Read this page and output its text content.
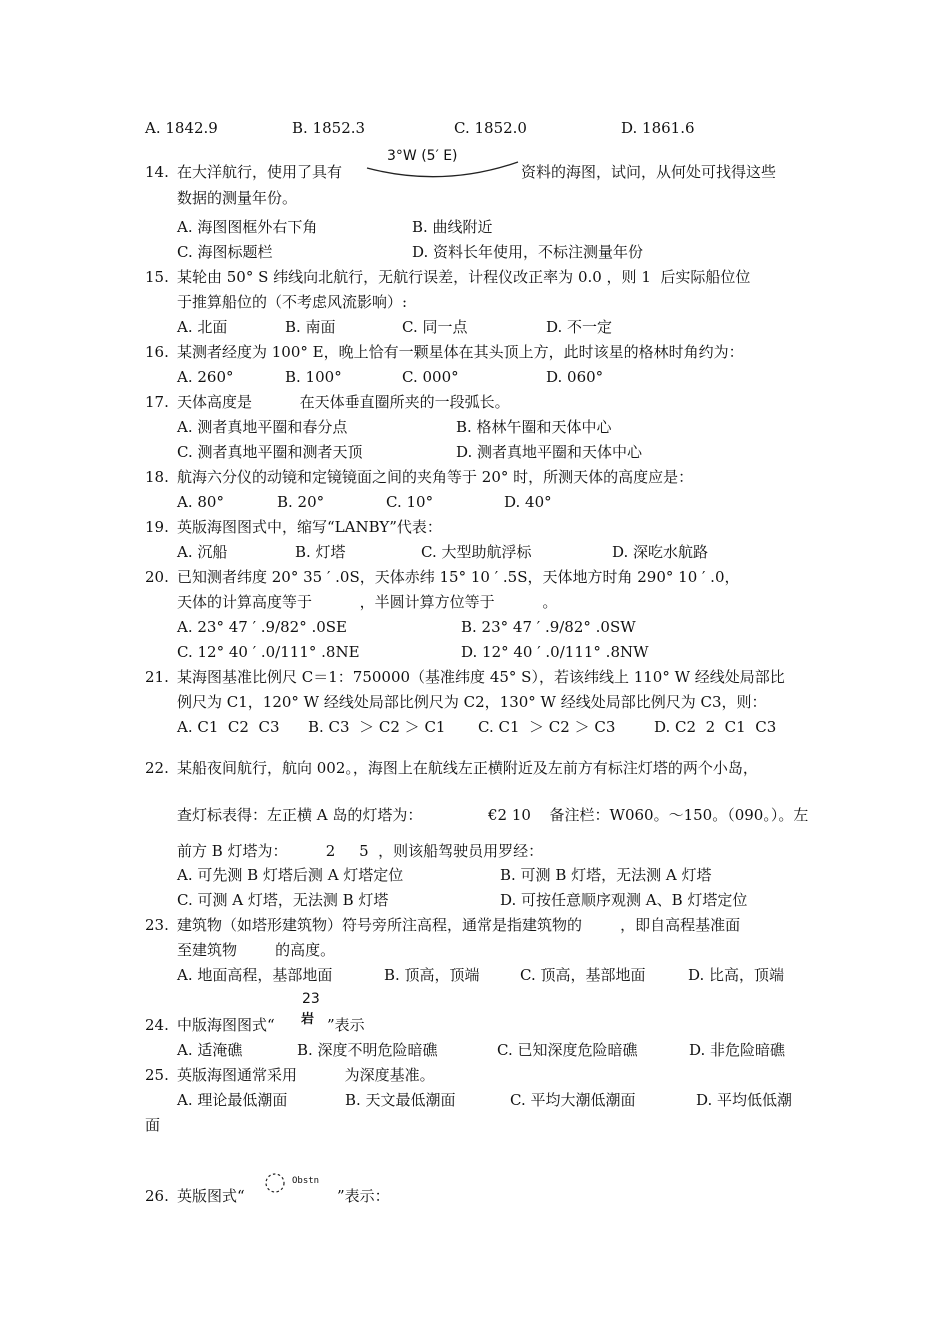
A. 1842.9	B. 1852.3	C. 1852.0	D. 1861.6
14. 在大洋航行，使用了具有
3°W (5′ E)
资料的海图，试问，从何处可找得这些
数据的测量年份。
A. 海图图框外右下角	B. 曲线附近
C. 海图标题栏	D. 资料长年使用，不标注测量年份
15. 某轮由 50° S 纬线向北航行，无航行误差，计程仪改正率为 0.0 ，则 1  后实际船位位
于推算船位的（不考虑风流影响）:
A. 北面	B. 南面	C. 同一点	D. 不一定
16. 某测者经度为 100° E，晚上恰有一颗星体在其头顶上方，此时该星的格林时角约为：
A. 260°	B. 100°	C. 000°	D. 060°
17. 天体高度是          在天体垂直圈所夹的一段弧长。
A. 测者真地平圈和春分点	B. 格林午圈和天体中心
C. 测者真地平圈和测者天顶	D. 测者真地平圈和天体中心
18. 航海六分仪的动镜和定镜镜面之间的夹角等于 20° 时，所测天体的高度应是：
A. 80°	B. 20°	C. 10°	D. 40°
19. 英版海图图式中，缩写“LANBY”代表：
A. 沉船	B. 灯塔	C. 大型助航浮标	D. 深吃水航路
20. 已知测者纬度 20° 35 ′ .0S，天体赤纬 15° 10 ′ .5S，天体地方时角 290° 10 ′ .0，
天体的计算高度等于          ，半圆计算方位等于          。
A. 23° 47 ′ .9/82° .0SE	B. 23° 47 ′ .9/82° .0SW
C. 12° 40 ′ .0/111° .8NE	D. 12° 40 ′ .0/111° .8NW
21. 某海图基准比例尺 C＝1：750000（基准纬度 45° S），若该纬线上 110° W 经线处局部比
例尺为 C1，120° W 经线处局部比例尺为 C2，130° W 经线处局部比例尺为 C3，则：
A. C1  C2  C3 B. C3  ＞ C2 ＞ C1 C. C1  ＞ C2 ＞ C3	D. C2  2  C1  C3
22. 某船夜间航行，航向 002。，海图上在航线左正横附近及左前方有标注灯塔的两个小岛，
查灯标表得：左正横 A 岛的灯塔为： €2 10 备注栏：W060。～150。（090。）。左
前方 B 灯塔为：        2     5  ，则该船驾驶员用罗经：
A. 可先测 B 灯塔后测 A 灯塔定位	B. 可测 B 灯塔，无法测 A 灯塔
C. 可测 A 灯塔，无法测 B 灯塔	D. 可按任意顺序观测 A、B 灯塔定位
23. 建筑物（如塔形建筑物）符号旁所注高程，通常是指建筑物的        ，即自高程基准面
至建筑物        的高度。
A. 地面高程，基部地面	B. 顶高，顶端	C. 顶高，基部地面	D. 比高，顶端
24. 中版海图图式“
23
岩 ”表示
A. 适淹礁	B. 深度不明危险暗礁	C. 已知深度危险暗礁	D. 非危险暗礁
25. 英版海图通常采用          为深度基准。
A. 理论最低潮面	B. 天文最低潮面	C. 平均大潮低潮面	D. 平均低低潮
面
26. 英版图式“
Obstn
”表示：
